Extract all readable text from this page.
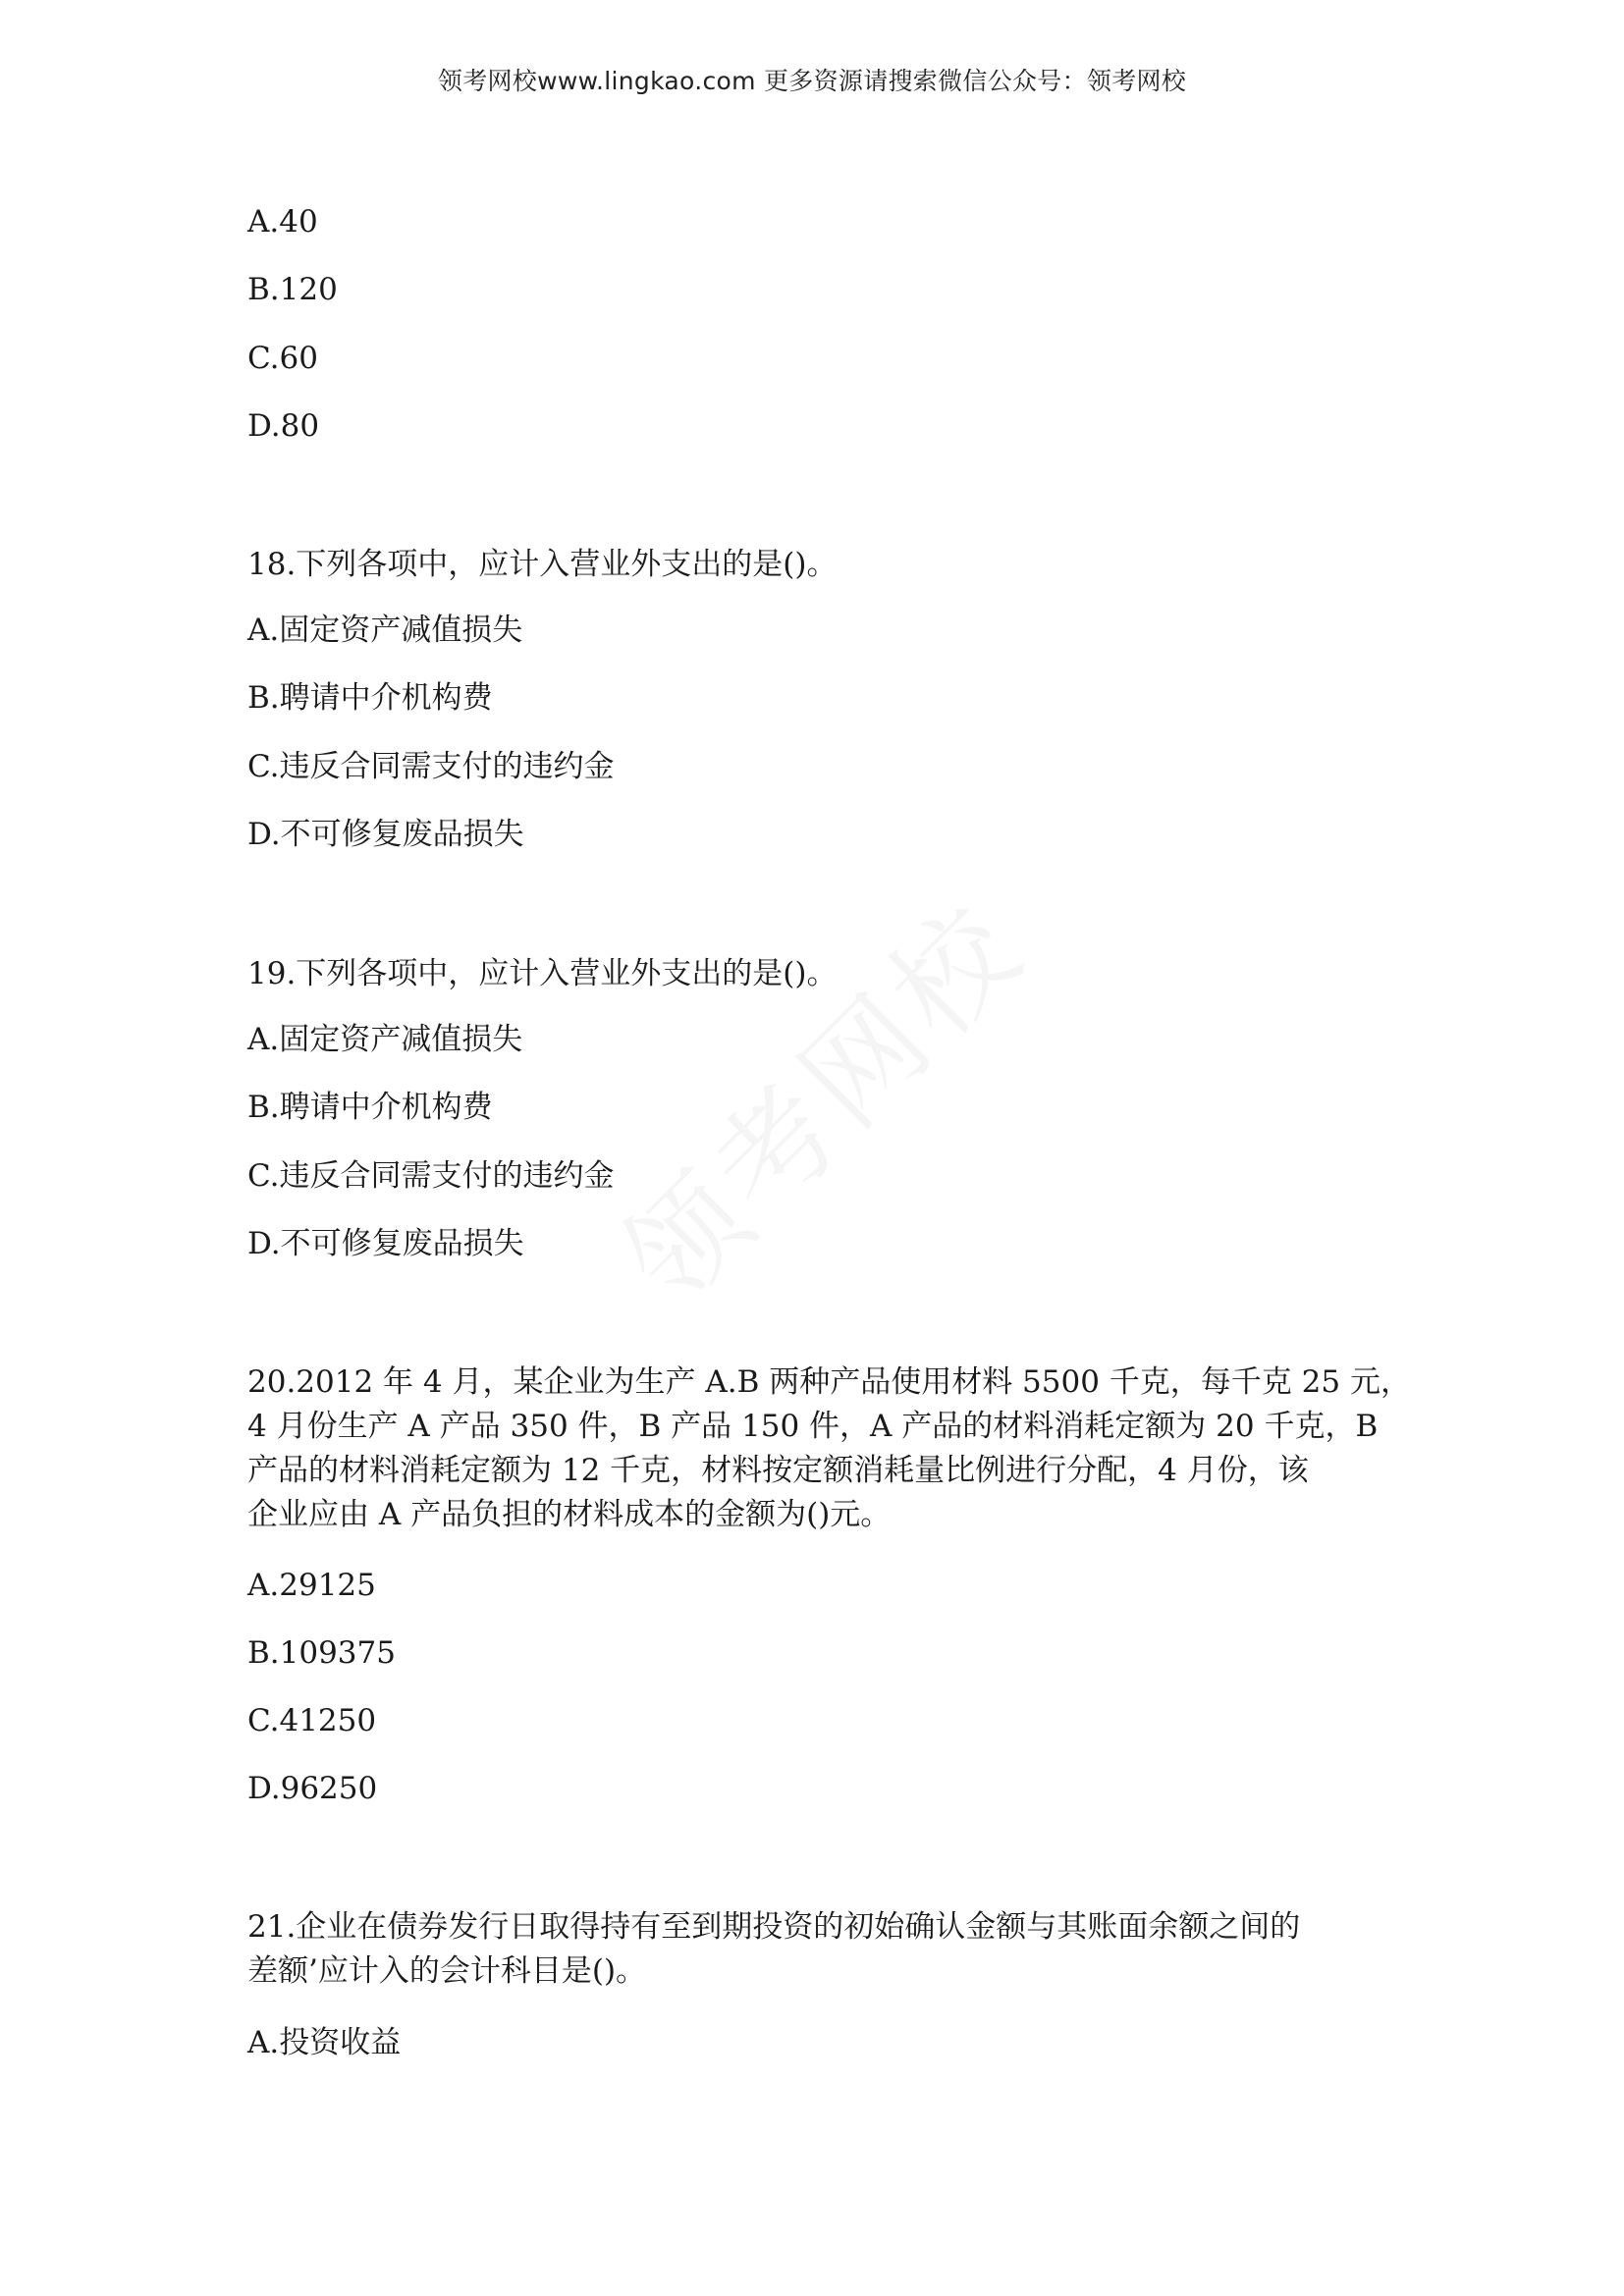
领考网校www.lingkao.com 更多资源请搜索微信公众号：领考网校
A.40
B.120
C.60
D.80
18.下列各项中，应计入营业外支出的是()。
A.固定资产减值损失
B.聘请中介机构费
C.违反合同需支付的违约金
D.不可修复废品损失
19.下列各项中，应计入营业外支出的是()。
A.固定资产减值损失
B.聘请中介机构费
C.违反合同需支付的违约金
D.不可修复废品损失
20.2012 年 4 月，某企业为生产 A.B 两种产品使用材料 5500 千克，每千克 25 元，
4 月份生产 A 产品 350 件，B 产品 150 件，A 产品的材料消耗定额为 20 千克，B
产品的材料消耗定额为 12 千克，材料按定额消耗量比例进行分配，4 月份，该
企业应由 A 产品负担的材料成本的金额为()元。
A.29125
B.109375
C.41250
D.96250
21.企业在债券发行日取得持有至到期投资的初始确认金额与其账面余额之间的
差额’应计入的会计科目是()。
A.投资收益
